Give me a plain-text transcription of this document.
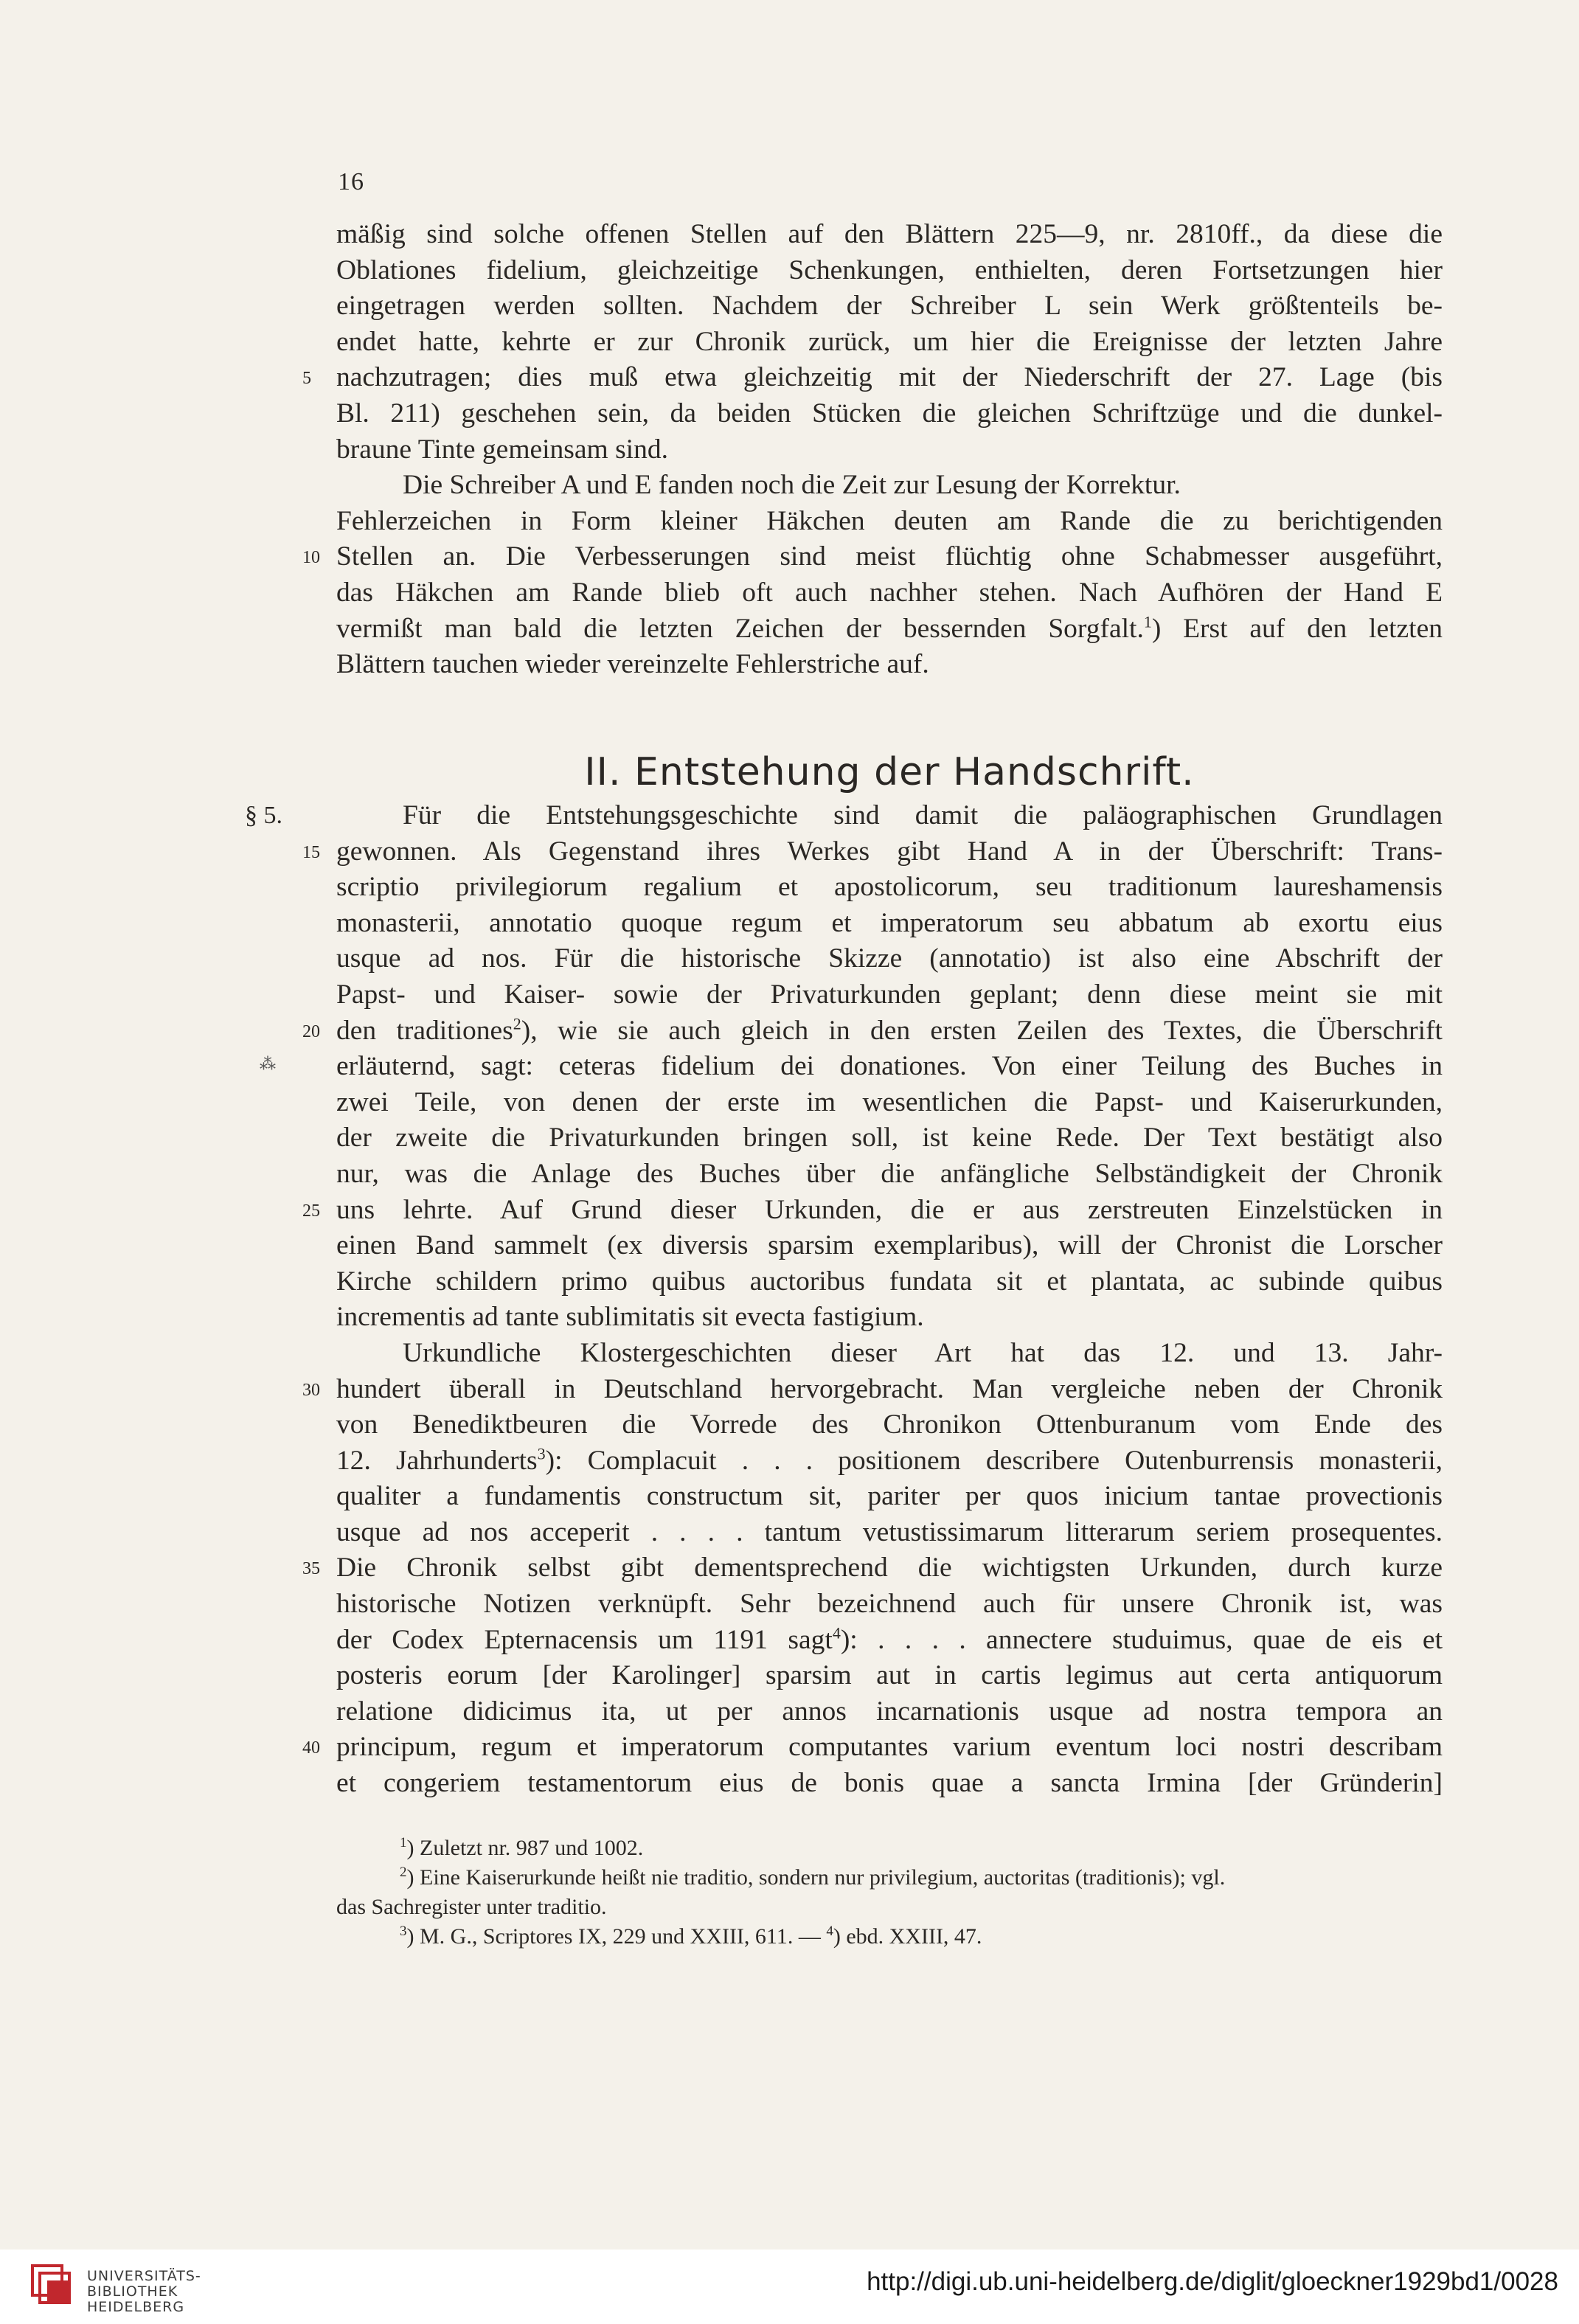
16
mäßig sind solche offenen Stellen auf den Blättern 225—9, nr. 2810ff., da diese die
Oblationes fidelium, gleichzeitige Schenkungen, enthielten, deren Fortsetzungen hier
eingetragen werden sollten. Nachdem der Schreiber L sein Werk größtenteils be-
endet hatte, kehrte er zur Chronik zurück, um hier die Ereignisse der letzten Jahre
5 nachzutragen; dies muß etwa gleichzeitig mit der Niederschrift der 27. Lage (bis
Bl. 211) geschehen sein, da beiden Stücken die gleichen Schriftzüge und die dunkel-
braune Tinte gemeinsam sind.
Die Schreiber A und E fanden noch die Zeit zur Lesung der Korrektur.
Fehlerzeichen in Form kleiner Häkchen deuten am Rande die zu berichtigenden
10 Stellen an. Die Verbesserungen sind meist flüchtig ohne Schabmesser ausgeführt,
das Häkchen am Rande blieb oft auch nachher stehen. Nach Aufhören der Hand E
vermißt man bald die letzten Zeichen der bessernden Sorgfalt.$^1$) Erst auf den letzten
Blättern tauchen wieder vereinzelte Fehlerstriche auf.
II. Entstehung der Handschrift.
§ 5.
⁂
Für die Entstehungsgeschichte sind damit die paläographischen Grundlagen
15 gewonnen. Als Gegenstand ihres Werkes gibt Hand A in der Überschrift: Trans-
scriptio privilegiorum regalium et apostolicorum, seu traditionum laureshamensis
monasterii, annotatio quoque regum et imperatorum seu abbatum ab exortu eius
usque ad nos. Für die historische Skizze (annotatio) ist also eine Abschrift der
Papst- und Kaiser- sowie der Privaturkunden geplant; denn diese meint sie mit
20 den traditiones$^2$), wie sie auch gleich in den ersten Zeilen des Textes, die Überschrift
erläuternd, sagt: ceteras fidelium dei donationes. Von einer Teilung des Buches in
zwei Teile, von denen der erste im wesentlichen die Papst- und Kaiserurkunden,
der zweite die Privaturkunden bringen soll, ist keine Rede. Der Text bestätigt also
nur, was die Anlage des Buches über die anfängliche Selbständigkeit der Chronik
25 uns lehrte. Auf Grund dieser Urkunden, die er aus zerstreuten Einzelstücken in
einen Band sammelt (ex diversis sparsim exemplaribus), will der Chronist die Lorscher
Kirche schildern primo quibus auctoribus fundata sit et plantata, ac subinde quibus
incrementis ad tante sublimitatis sit evecta fastigium.
Urkundliche Klostergeschichten dieser Art hat das 12. und 13. Jahr-
30 hundert überall in Deutschland hervorgebracht. Man vergleiche neben der Chronik
von Benediktbeuren die Vorrede des Chronikon Ottenburanum vom Ende des
12. Jahrhunderts$^3$): Complacuit . . . positionem describere Outenburrensis monasterii,
qualiter a fundamentis constructum sit, pariter per quos inicium tantae provectionis
usque ad nos acceperit . . . . tantum vetustissimarum litterarum seriem prosequentes.
35 Die Chronik selbst gibt dementsprechend die wichtigsten Urkunden, durch kurze
historische Notizen verknüpft. Sehr bezeichnend auch für unsere Chronik ist, was
der Codex Epternacensis um 1191 sagt$^4$): . . . . annectere studuimus, quae de eis et
posteris eorum [der Karolinger] sparsim aut in cartis legimus aut certa antiquorum
relatione didicimus ita, ut per annos incarnationis usque ad nostra tempora an
40 principum, regum et imperatorum computantes varium eventum loci nostri describam
et congeriem testamentorum eius de bonis quae a sancta Irmina [der Gründerin]
$^1$) Zuletzt nr. 987 und 1002.
$^2$) Eine Kaiserurkunde heißt nie traditio, sondern nur privilegium, auctoritas (traditionis); vgl.
das Sachregister unter traditio.
$^3$) M. G., Scriptores IX, 229 und XXIII, 611. — $^4$) ebd. XXIII, 47.
UNIVERSITÄTS-
BIBLIOTHEK
HEIDELBERG
http://digi.ub.uni-heidelberg.de/diglit/gloeckner1929bd1/0028
